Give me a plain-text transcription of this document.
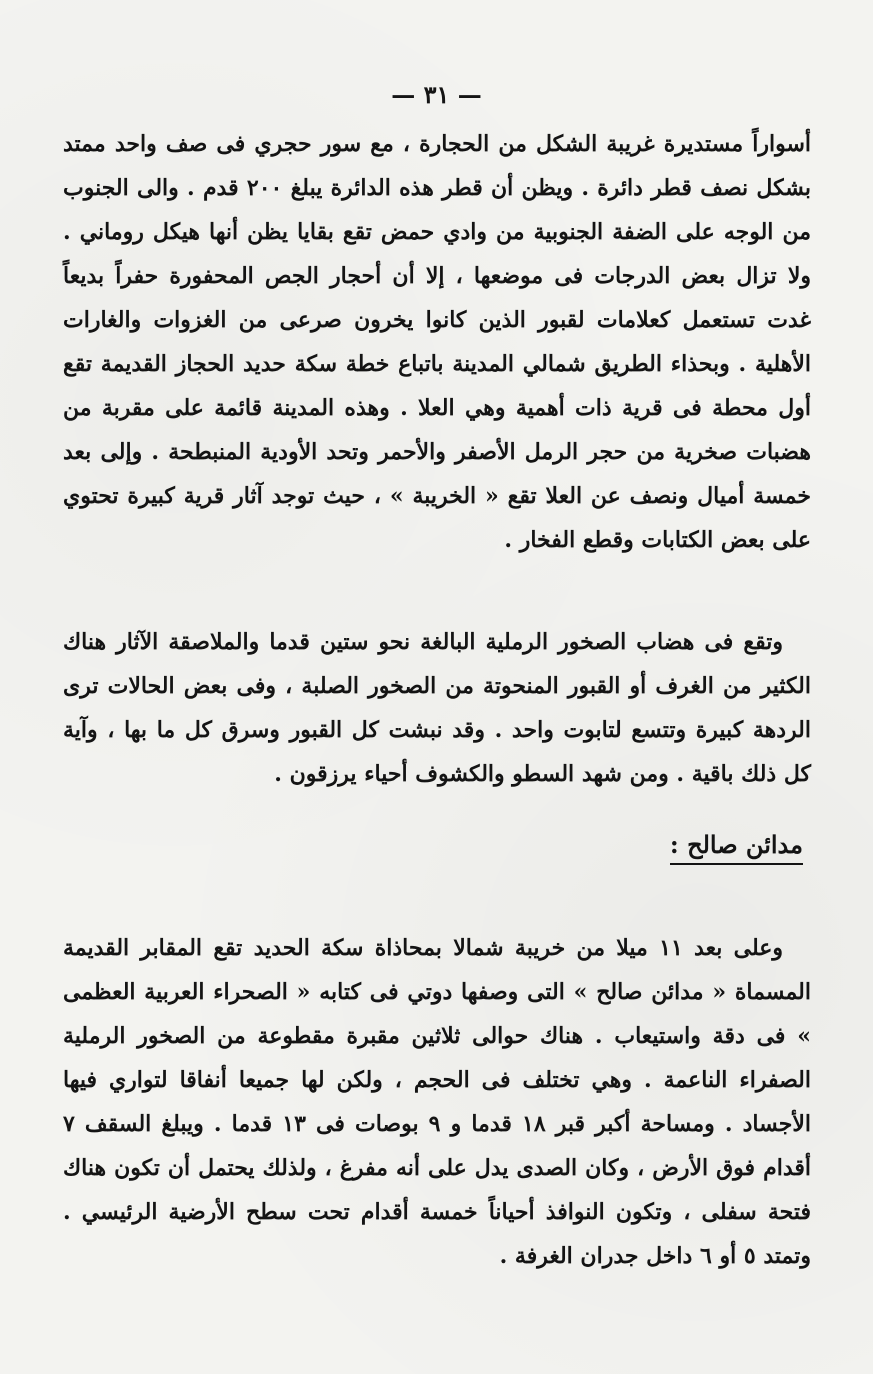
— ٣١ —

أسواراً مستديرة غريبة الشكل من الحجارة ، مع سور حجري فى صف واحد ممتد بشكل نصف قطر دائرة . ويظن أن قطر هذه الدائرة يبلغ ٢٠٠ قدم . والى الجنوب من الوجه على الضفة الجنوبية من وادي حمض تقع بقايا يظن أنها هيكل روماني . ولا تزال بعض الدرجات فى موضعها ، إلا أن أحجار الجص المحفورة حفراً بديعاً غدت تستعمل كعلامات لقبور الذين كانوا يخرون صرعى من الغزوات والغارات الأهلية . وبحذاء الطريق شمالي المدينة باتباع خطة سكة حديد الحجاز القديمة تقع أول محطة فى قرية ذات أهمية وهي العلا . وهذه المدينة قائمة على مقربة من هضبات صخرية من حجر الرمل الأصفر والأحمر وتحد الأودية المنبطحة . وإلى بعد خمسة أميال ونصف عن العلا تقع « الخريبة » ، حيث توجد آثار قرية كبيرة تحتوي على بعض الكتابات وقطع الفخار .

وتقع فى هضاب الصخور الرملية البالغة نحو ستين قدما والملاصقة الآثار هناك الكثير من الغرف أو القبور المنحوتة من الصخور الصلبة ، وفى بعض الحالات ترى الردهة كبيرة وتتسع لتابوت واحد . وقد نبشت كل القبور وسرق كل ما بها ، وآية كل ذلك باقية . ومن شهد السطو والكشوف أحياء يرزقون .

مدائن صالح :

وعلى بعد ١١ ميلا من خريبة شمالا بمحاذاة سكة الحديد تقع المقابر القديمة المسماة « مدائن صالح » التى وصفها دوتي فى كتابه « الصحراء العربية العظمى » فى دقة واستيعاب . هناك حوالى ثلاثين مقبرة مقطوعة من الصخور الرملية الصفراء الناعمة . وهي تختلف فى الحجم ، ولكن لها جميعا أنفاقا لتواري فيها الأجساد . ومساحة أكبر قبر ١٨ قدما و ٩ بوصات فى ١٣ قدما . ويبلغ السقف ٧ أقدام فوق الأرض ، وكان الصدى يدل على أنه مفرغ ، ولذلك يحتمل أن تكون هناك فتحة سفلى ، وتكون النوافذ أحياناً خمسة أقدام تحت سطح الأرضية الرئيسي . وتمتد ٥ أو ٦ داخل جدران الغرفة .
